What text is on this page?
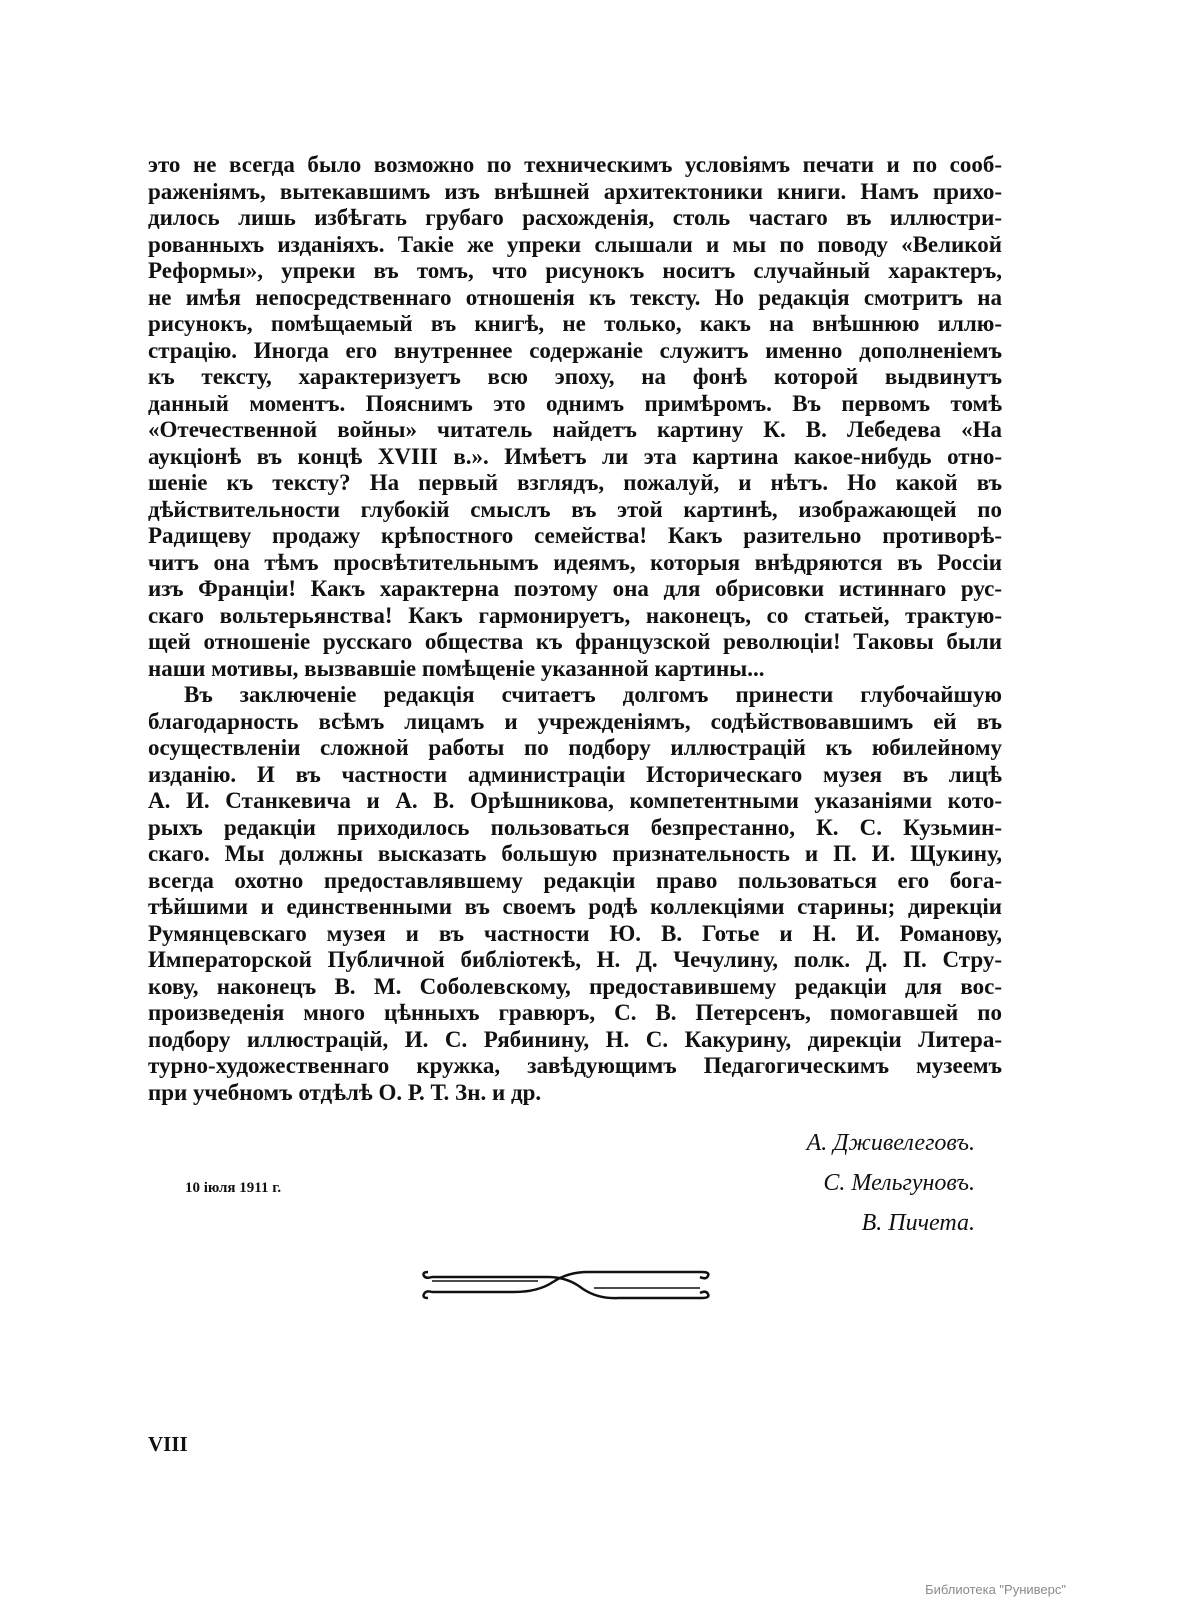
это не всегда было возможно по техническимъ условіямъ печати и по сооб-
раженіямъ, вытекавшимъ изъ внѣшней архитектоники книги. Намъ прихо-
дилось лишь избѣгать грубаго расхожденія, столь частаго въ иллюстри-
рованныхъ изданіяхъ. Такіе же упреки слышали и мы по поводу «Великой
Реформы», упреки въ томъ, что рисунокъ носитъ случайный характеръ,
не имѣя непосредственнаго отношенія къ тексту. Но редакція смотритъ на
рисунокъ, помѣщаемый въ книгѣ, не только, какъ на внѣшнюю иллю-
страцію. Иногда его внутреннее содержаніе служитъ именно дополненіемъ
къ тексту, характеризуетъ всю эпоху, на фонѣ которой выдвинутъ
данный моментъ. Пояснимъ это однимъ примѣромъ. Въ первомъ томѣ
«Отечественной войны» читатель найдетъ картину К. В. Лебедева «На
аукціонѣ въ концѣ XVIII в.». Имѣетъ ли эта картина какое-нибудь отно-
шеніе къ тексту? На первый взглядъ, пожалуй, и нѣтъ. Но какой въ
дѣйствительности глубокій смыслъ въ этой картинѣ, изображающей по
Радищеву продажу крѣпостного семейства! Какъ разительно противорѣ-
читъ она тѣмъ просвѣтительнымъ идеямъ, которыя внѣдряются въ Россіи
изъ Франціи! Какъ характерна поэтому она для обрисовки истиннаго рус-
скаго вольтерьянства! Какъ гармонируетъ, наконецъ, со статьей, трактую-
щей отношеніе русскаго общества къ французской революціи! Таковы были
наши мотивы, вызвавшіе помѣщеніе указанной картины...
Въ заключеніе редакція считаетъ долгомъ принести глубочайшую
благодарность всѣмъ лицамъ и учрежденіямъ, содѣйствовавшимъ ей въ
осуществленіи сложной работы по подбору иллюстрацій къ юбилейному
изданію. И въ частности администраціи Историческаго музея въ лицѣ
А. И. Станкевича и А. В. Орѣшникова, компетентными указаніями кото-
рыхъ редакціи приходилось пользоваться безпрестанно, К. С. Кузьмин-
скаго. Мы должны высказать большую признательность и П. И. Щукину,
всегда охотно предоставлявшему редакціи право пользоваться его бога-
тѣйшими и единственными въ своемъ родѣ коллекціями старины; дирекціи
Румянцевскаго музея и въ частности Ю. В. Готье и Н. И. Романову,
Императорской Публичной библіотекѣ, Н. Д. Чечулину, полк. Д. П. Стру-
кову, наконецъ В. М. Соболевскому, предоставившему редакціи для вос-
произведенія много цѣнныхъ гравюръ, С. В. Петерсенъ, помогавшей по
подбору иллюстрацій, И. С. Рябинину, Н. С. Какурину, дирекціи Литера-
турно-художественнаго кружка, завѣдующимъ Педагогическимъ музеемъ
при учебномъ отдѣлѣ О. Р. Т. Зн. и др.
А. Дживелеговъ.
С. Мельгуновъ.
В. Пичета.
10 іюля 1911 г.
VIII
Библиотека "Руниверс"
